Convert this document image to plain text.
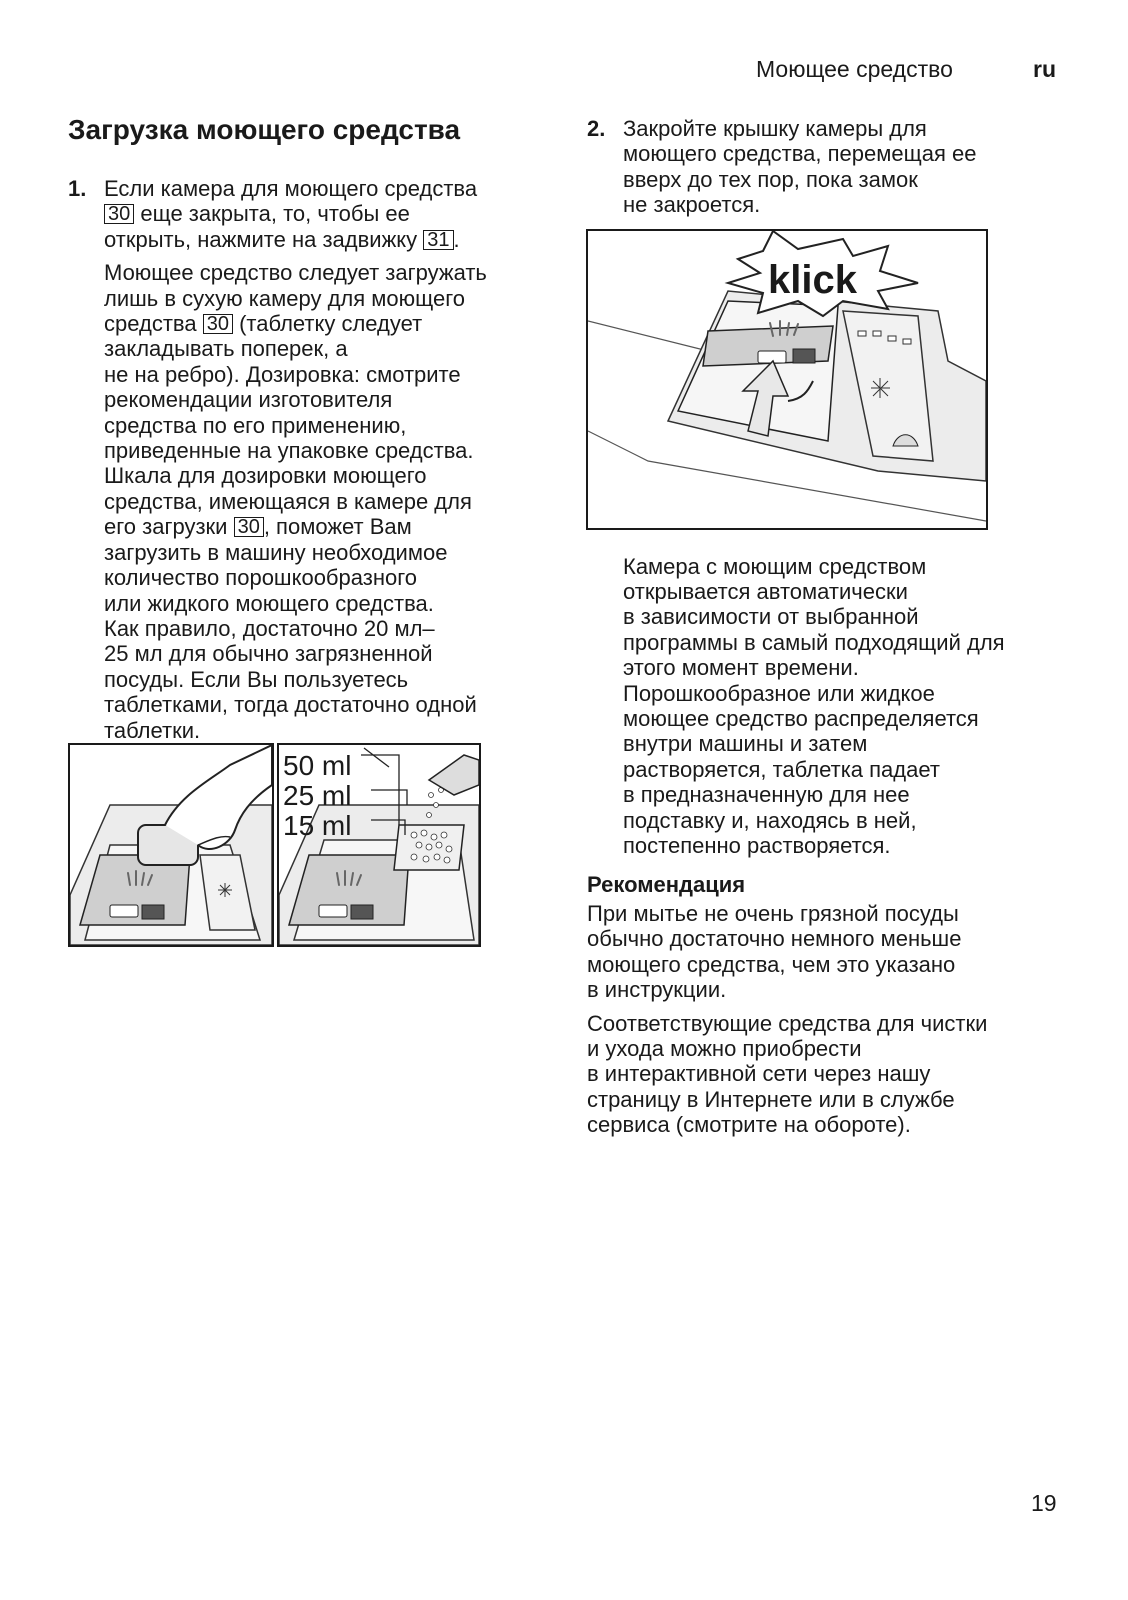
Моющее средство	ru
Загрузка моющего средства
1. Если камера для моющего средства
30 еще закрыта, то, чтобы ее
открыть, нажмите на задвижку 31 .
Моющее средство следует загружать
лишь в сухую камеру для моющего
средства 30 (таблетку следует
закладывать поперек, а
не на ребро). Дозировка: смотрите
рекомендации изготовителя
средства по его применению,
приведенные на упаковке средства.
Шкала для дозировки моющего
средства, имеющаяся в камере для
его загрузки 30 , поможет Вам
загрузить в машину необходимое
количество порошкообразного
или жидкого моющего средства.
Как правило, достаточно 20 мл–
25 мл для обычно загрязненной
посуды. Если Вы пользуетесь
таблетками, тогда достаточно одной
таблетки.
50 ml
25 ml
15 ml
2. Закройте крышку камеры для
моющего средства, перемещая ее
вверх до тех пор, пока замок
не закроется.
Камера с моющим средством
открывается автоматически
в зависимости от выбранной
программы в самый подходящий для
этого момент времени.
Порошкообразное или жидкое
моющее средство распределяется
внутри машины и затем
растворяется, таблетка падает
в предназначенную для нее
подставку и, находясь в ней,
постепенно растворяется.
Рекомендация
При мытье не очень грязной посуды
обычно достаточно немного меньше
моющего средства, чем это указано
в инструкции.
Соответствующие средства для чистки
и ухода можно приобрести
в интерактивной сети через нашу
страницу в Интернете или в службе
сервиса (смотрите на обороте).
klick
19
